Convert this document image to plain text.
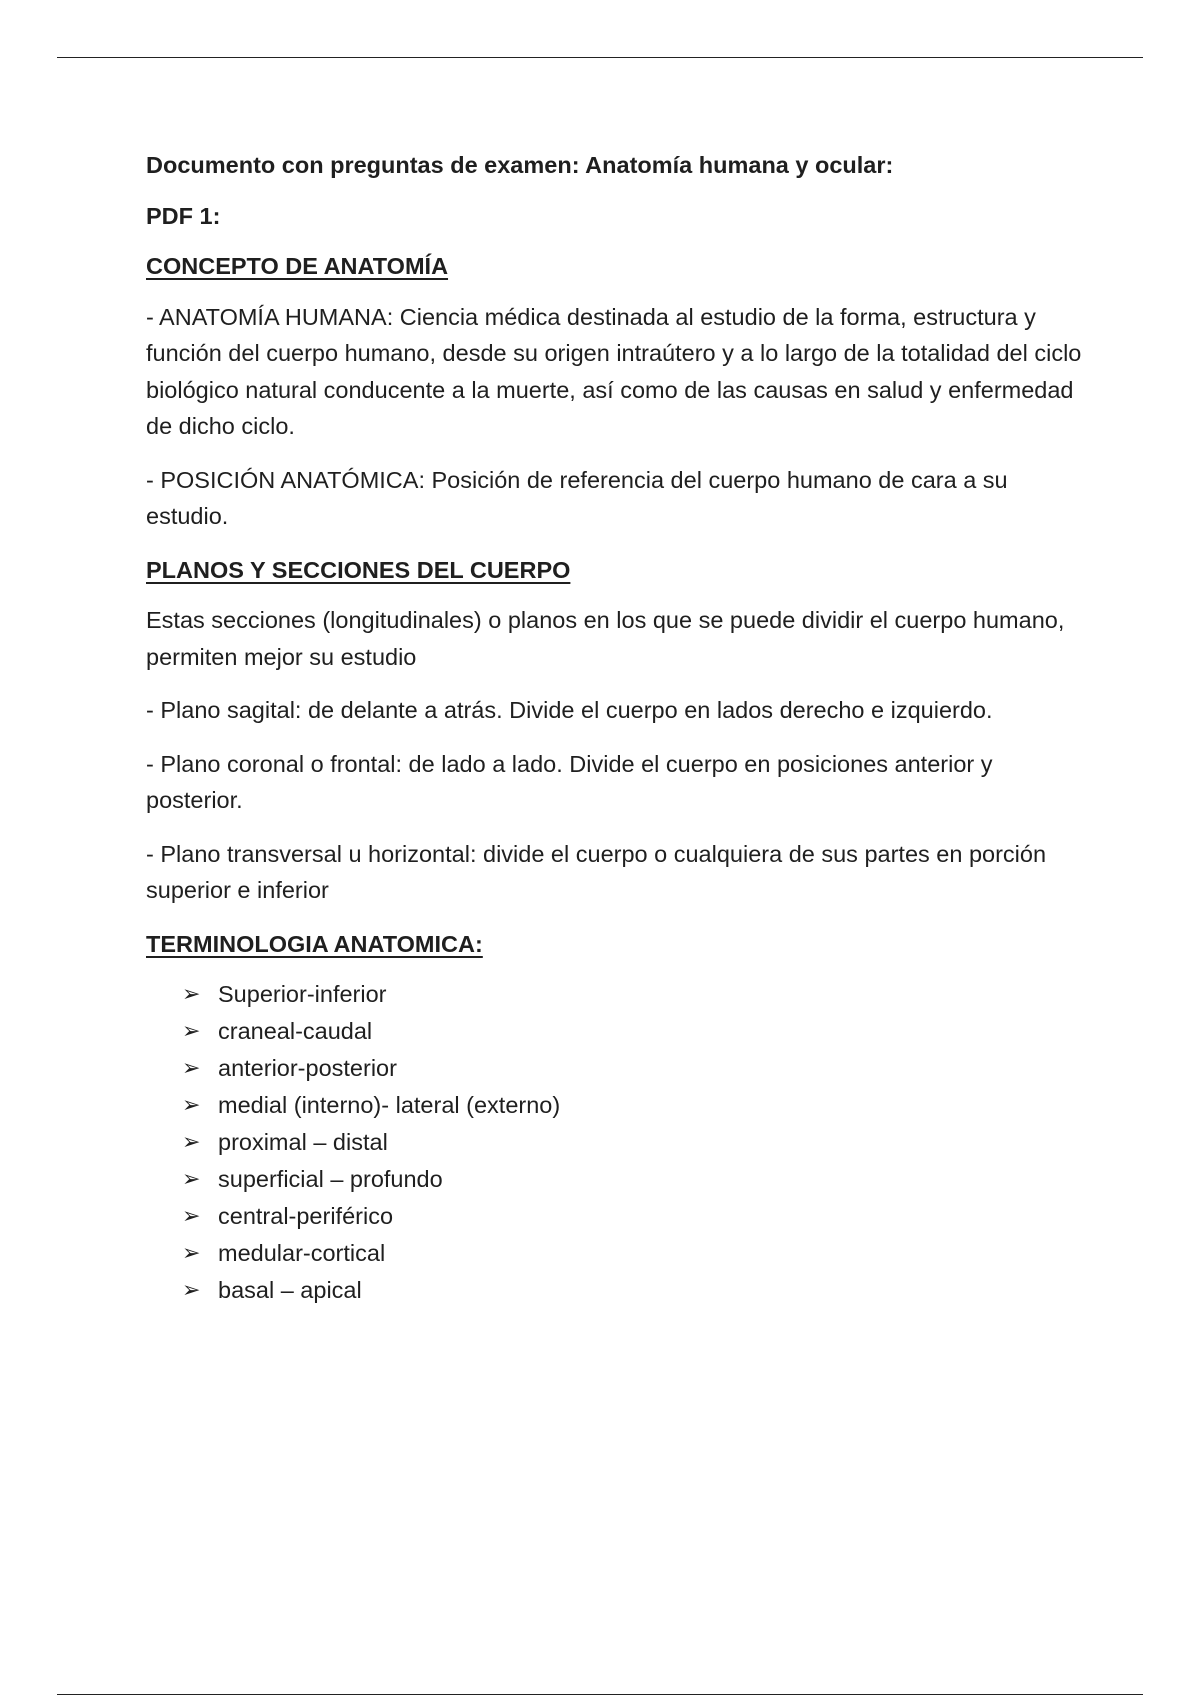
Documento con preguntas de examen: Anatomía humana y ocular:

PDF 1:

CONCEPTO DE ANATOMÍA

- ANATOMÍA HUMANA: Ciencia médica destinada al estudio de la forma, estructura y función del cuerpo humano, desde su origen intraútero y a lo largo de la totalidad del ciclo biológico natural conducente a la muerte, así como de las causas en salud y enfermedad de dicho ciclo.

- POSICIÓN ANATÓMICA: Posición de referencia del cuerpo humano de cara a su estudio.

PLANOS Y SECCIONES DEL CUERPO

Estas secciones (longitudinales) o planos en los que se puede dividir el cuerpo humano, permiten mejor su estudio

- Plano sagital: de delante a atrás. Divide el cuerpo en lados derecho e izquierdo.

- Plano coronal o frontal: de lado a lado. Divide el cuerpo en posiciones anterior y posterior.

- Plano transversal u horizontal: divide el cuerpo o cualquiera de sus partes en porción superior e inferior

TERMINOLOGIA ANATOMICA:

➢ Superior-inferior
➢ craneal-caudal
➢ anterior-posterior
➢ medial (interno)- lateral (externo)
➢ proximal – distal
➢ superficial – profundo
➢ central-periférico
➢ medular-cortical
➢ basal – apical
